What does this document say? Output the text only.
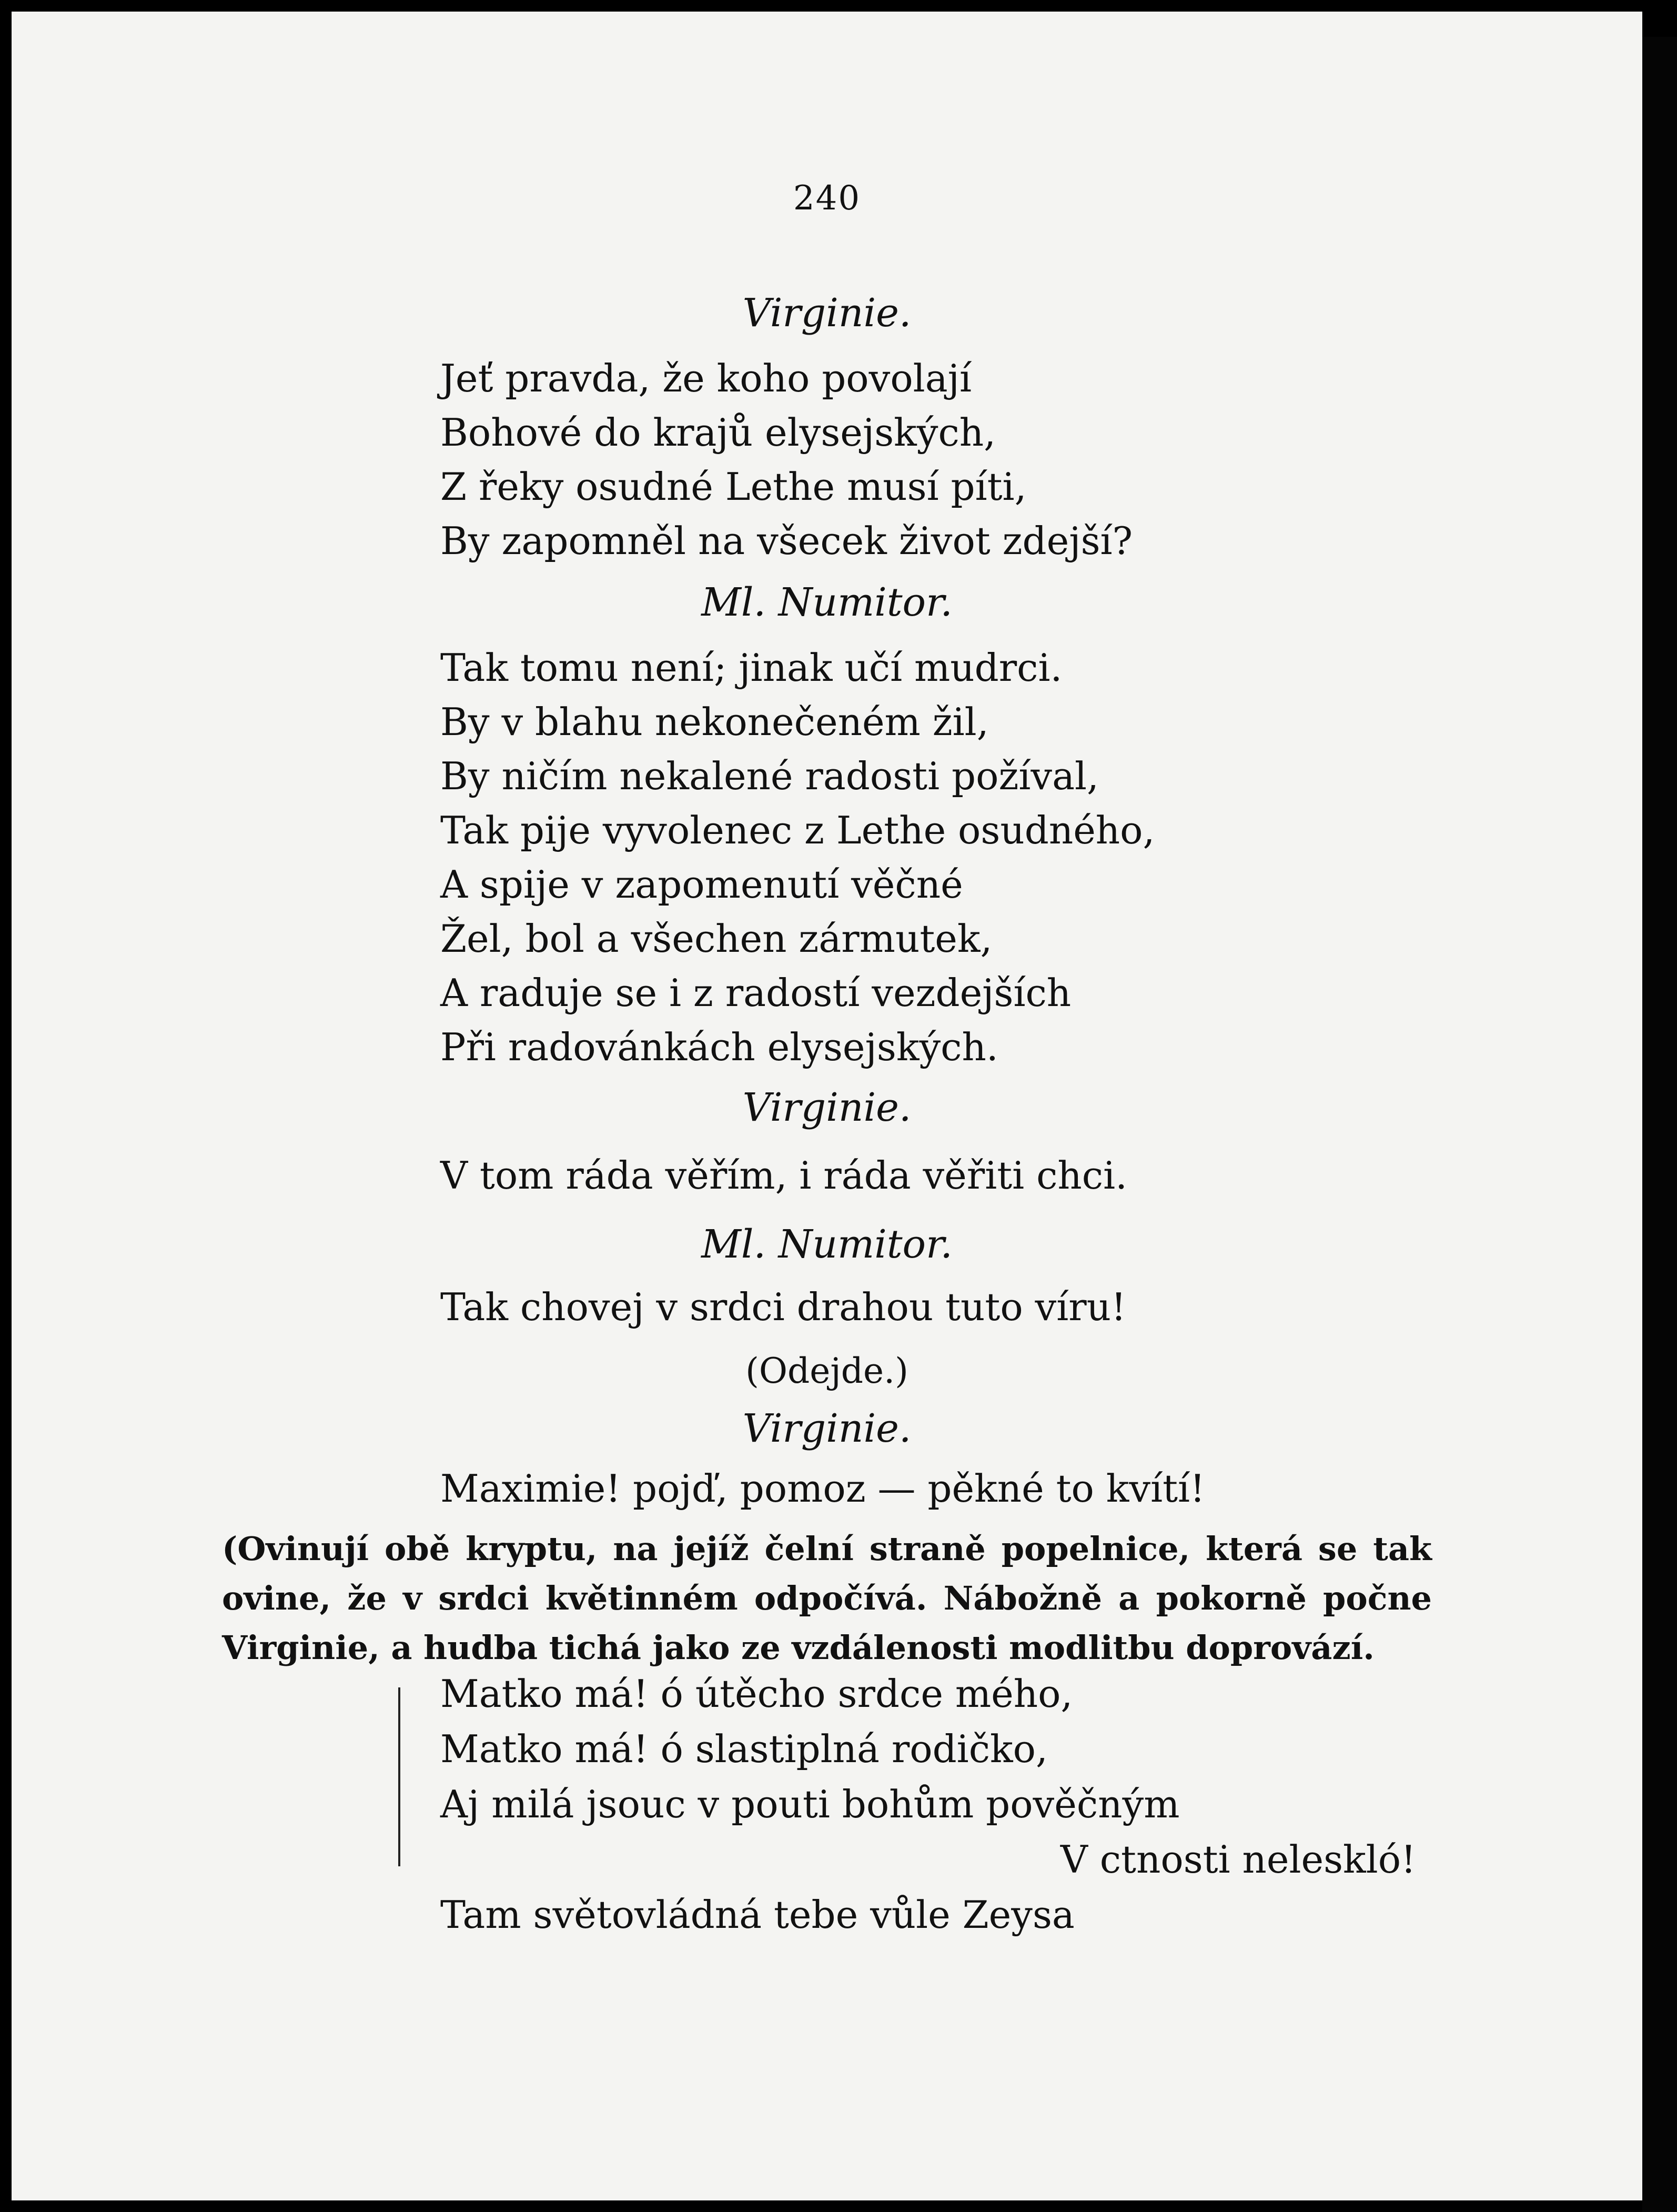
240
Virginie.
Jeť pravda, že koho povolají
Bohové do krajů elysejských,
Z řeky osudné Lethe musí píti,
By zapomněl na všecek život zdejší?
Ml. Numitor.
Tak tomu není; jinak učí mudrci.
By v blahu nekonečeném žil,
By ničím nekalené radosti požíval,
Tak pije vyvolenec z Lethe osudného,
A spije v zapomenutí věčné
Žel, bol a všechen zármutek,
A raduje se i z radostí vezdejších
Při radovánkách elysejských.
Virginie.
V tom ráda věřím, i ráda věřiti chci.
Ml. Numitor.
Tak chovej v srdci drahou tuto víru!
(Odejde.)
Virginie.
Maximie! pojď, pomoz — pěkné to kvítí!
(Ovinují obě kryptu, na jejíž čelní straně popelnice, která se tak ovine, že v srdci květinném odpočívá. Nábožně a pokorně počne Virginie, a hudba tichá jako ze vzdálenosti modlitbu doprovází.
Matko má! ó útěcho srdce mého,
Matko má! ó slastiplná rodičko,
Aj milá jsouc v pouti bohům pověčným
V ctnosti neleskló!
Tam světovládná tebe vůle Zeysa
